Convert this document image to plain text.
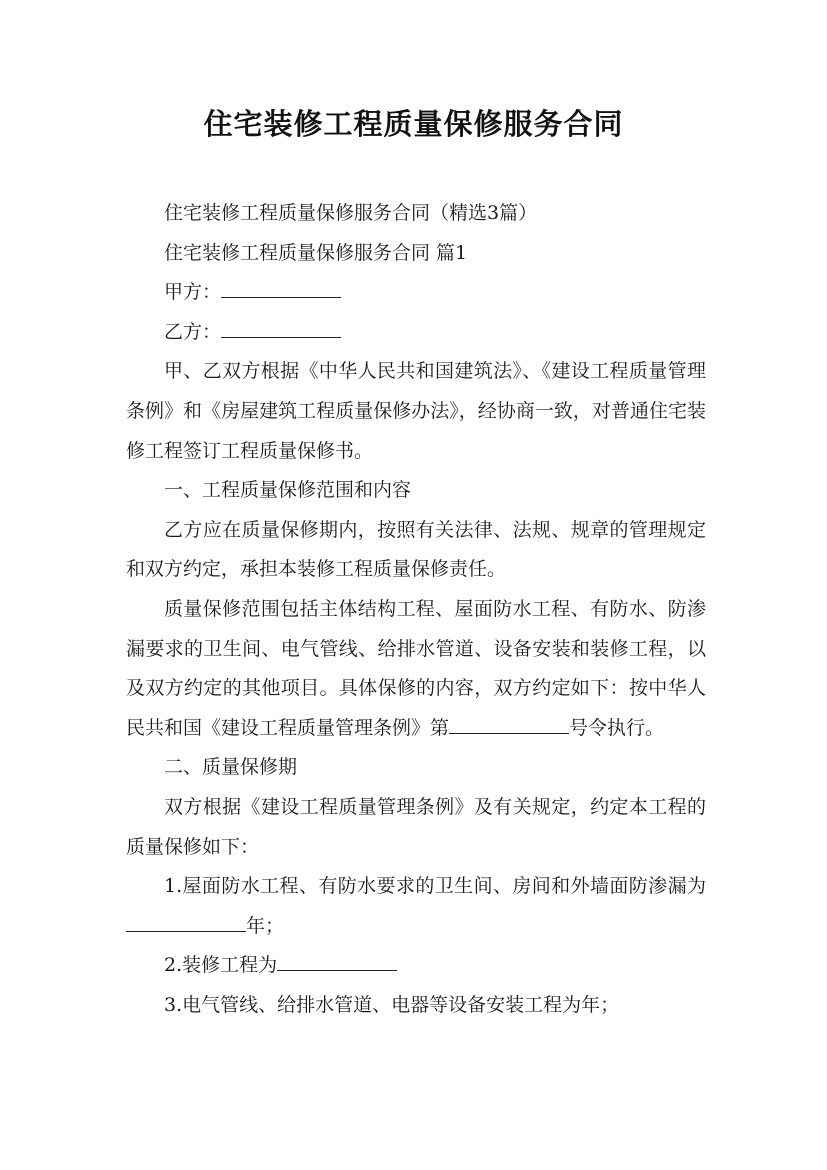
住宅装修工程质量保修服务合同

住宅装修工程质量保修服务合同（精选3篇）

住宅装修工程质量保修服务合同 篇1

甲方：

乙方：

甲、乙双方根据《中华人民共和国建筑法》、《建设工程质量管理条例》和《房屋建筑工程质量保修办法》，经协商一致，对普通住宅装修工程签订工程质量保修书。

一、工程质量保修范围和内容

乙方应在质量保修期内，按照有关法律、法规、规章的管理规定和双方约定，承担本装修工程质量保修责任。

质量保修范围包括主体结构工程、屋面防水工程、有防水、防渗漏要求的卫生间、电气管线、给排水管道、设备安装和装修工程，以及双方约定的其他项目。具体保修的内容，双方约定如下：按中华人民共和国《建设工程质量管理条例》第	号令执行。

二、质量保修期

双方根据《建设工程质量管理条例》及有关规定，约定本工程的质量保修如下：

1.屋面防水工程、有防水要求的卫生间、房间和外墙面防渗漏为年；

2.装修工程为

3.电气管线、给排水管道、电器等设备安装工程为年；
